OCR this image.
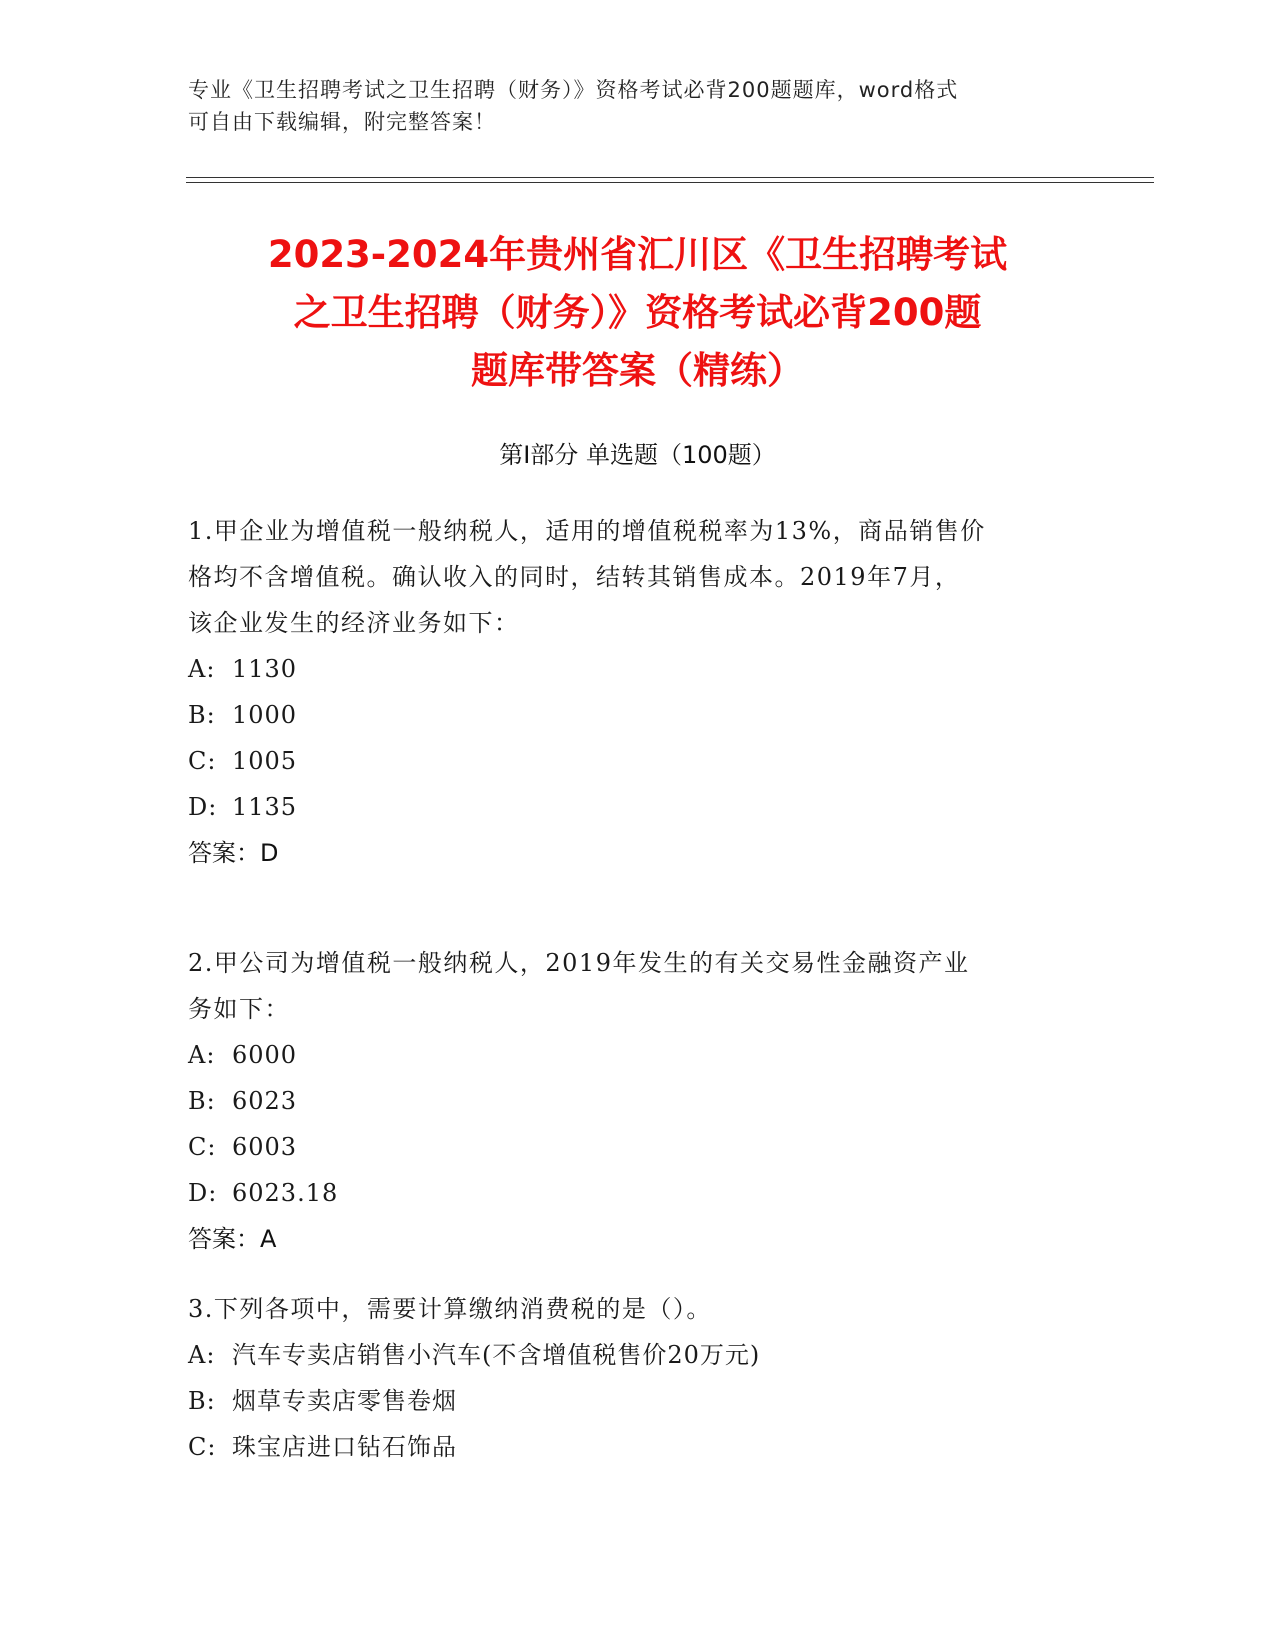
专业《卫生招聘考试之卫生招聘（财务）》资格考试必背200题题库，word格式
可自由下载编辑，附完整答案！
2023-2024年贵州省汇川区《卫生招聘考试
之卫生招聘（财务）》资格考试必背200题
题库带答案（精练）
第Ⅰ部分 单选题（100题）
1.甲企业为增值税一般纳税人，适用的增值税税率为13%，商品销售价
格均不含增值税。确认收入的同时，结转其销售成本。2019年7月，
该企业发生的经济业务如下：
A: 1130
B: 1000
C: 1005
D: 1135
答案：D
2.甲公司为增值税一般纳税人，2019年发生的有关交易性金融资产业
务如下：
A: 6000
B: 6023
C: 6003
D: 6023.18
答案：A
3.下列各项中，需要计算缴纳消费税的是（）。
A: 汽车专卖店销售小汽车(不含增值税售价20万元)
B: 烟草专卖店零售卷烟
C: 珠宝店进口钻石饰品
